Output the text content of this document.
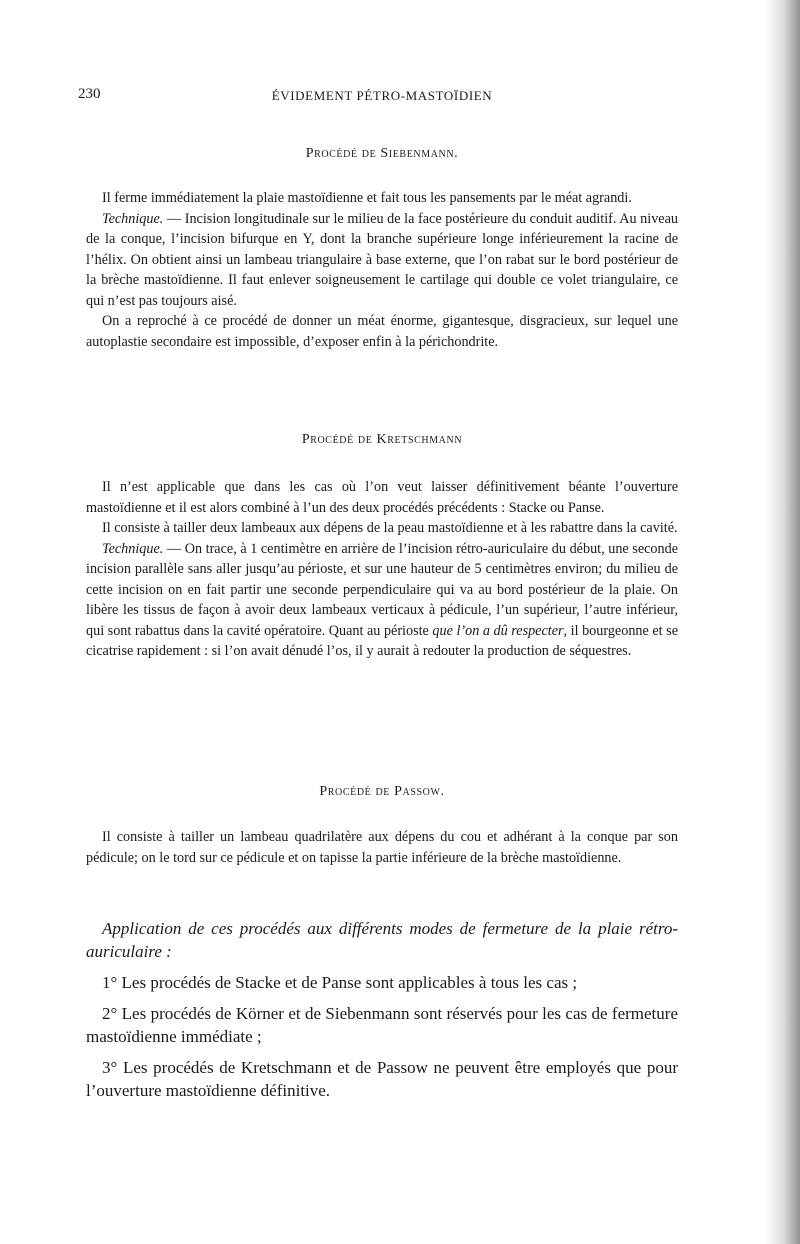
230	ÉVIDEMENT PÉTRO-MASTOÏDIEN
Procédé de Siebenmann.

Il ferme immédiatement la plaie mastoïdienne et fait tous les pansements par le méat agrandi.

Technique. — Incision longitudinale sur le milieu de la face postérieure du conduit auditif. Au niveau de la conque, l’incision bifurque en Y, dont la branche supérieure longe inférieurement la racine de l’hélix. On obtient ainsi un lambeau triangulaire à base externe, que l’on rabat sur le bord postérieur de la brèche mastoïdienne. Il faut enlever soigneusement le cartilage qui double ce volet triangulaire, ce qui n’est pas toujours aisé.

On a reproché à ce procédé de donner un méat énorme, gigantesque, disgracieux, sur lequel une autoplastie secondaire est impossible, d’exposer enfin à la périchondrite.

Procédé de Kretschmann

Il n’est applicable que dans les cas où l’on veut laisser définitivement béante l’ouverture mastoïdienne et il est alors combiné à l’un des deux procédés précédents : Stacke ou Panse.

Il consiste à tailler deux lambeaux aux dépens de la peau mastoïdienne et à les rabattre dans la cavité.

Technique. — On trace, à 1 centimètre en arrière de l’incision rétro-auriculaire du début, une seconde incision parallèle sans aller jusqu’au périoste, et sur une hauteur de 5 centimètres environ; du milieu de cette incision on en fait partir une seconde perpendiculaire qui va au bord postérieur de la plaie. On libère les tissus de façon à avoir deux lambeaux verticaux à pédicule, l’un supérieur, l’autre inférieur, qui sont rabattus dans la cavité opératoire. Quant au périoste que l’on a dû respecter, il bourgeonne et se cicatrise rapidement : si l’on avait dénudé l’os, il y aurait à redouter la production de séquestres.

Procédé de Passow.

Il consiste à tailler un lambeau quadrilatère aux dépens du cou et adhérant à la conque par son pédicule; on le tord sur ce pédicule et on tapisse la partie inférieure de la brèche mastoïdienne.

Application de ces procédés aux différents modes de fermeture de la plaie rétro-auriculaire :

1° Les procédés de Stacke et de Panse sont applicables à tous les cas ;

2° Les procédés de Körner et de Siebenmann sont réservés pour les cas de fermeture mastoïdienne immédiate ;

3° Les procédés de Kretschmann et de Passow ne peuvent être employés que pour l’ouverture mastoïdienne définitive.
